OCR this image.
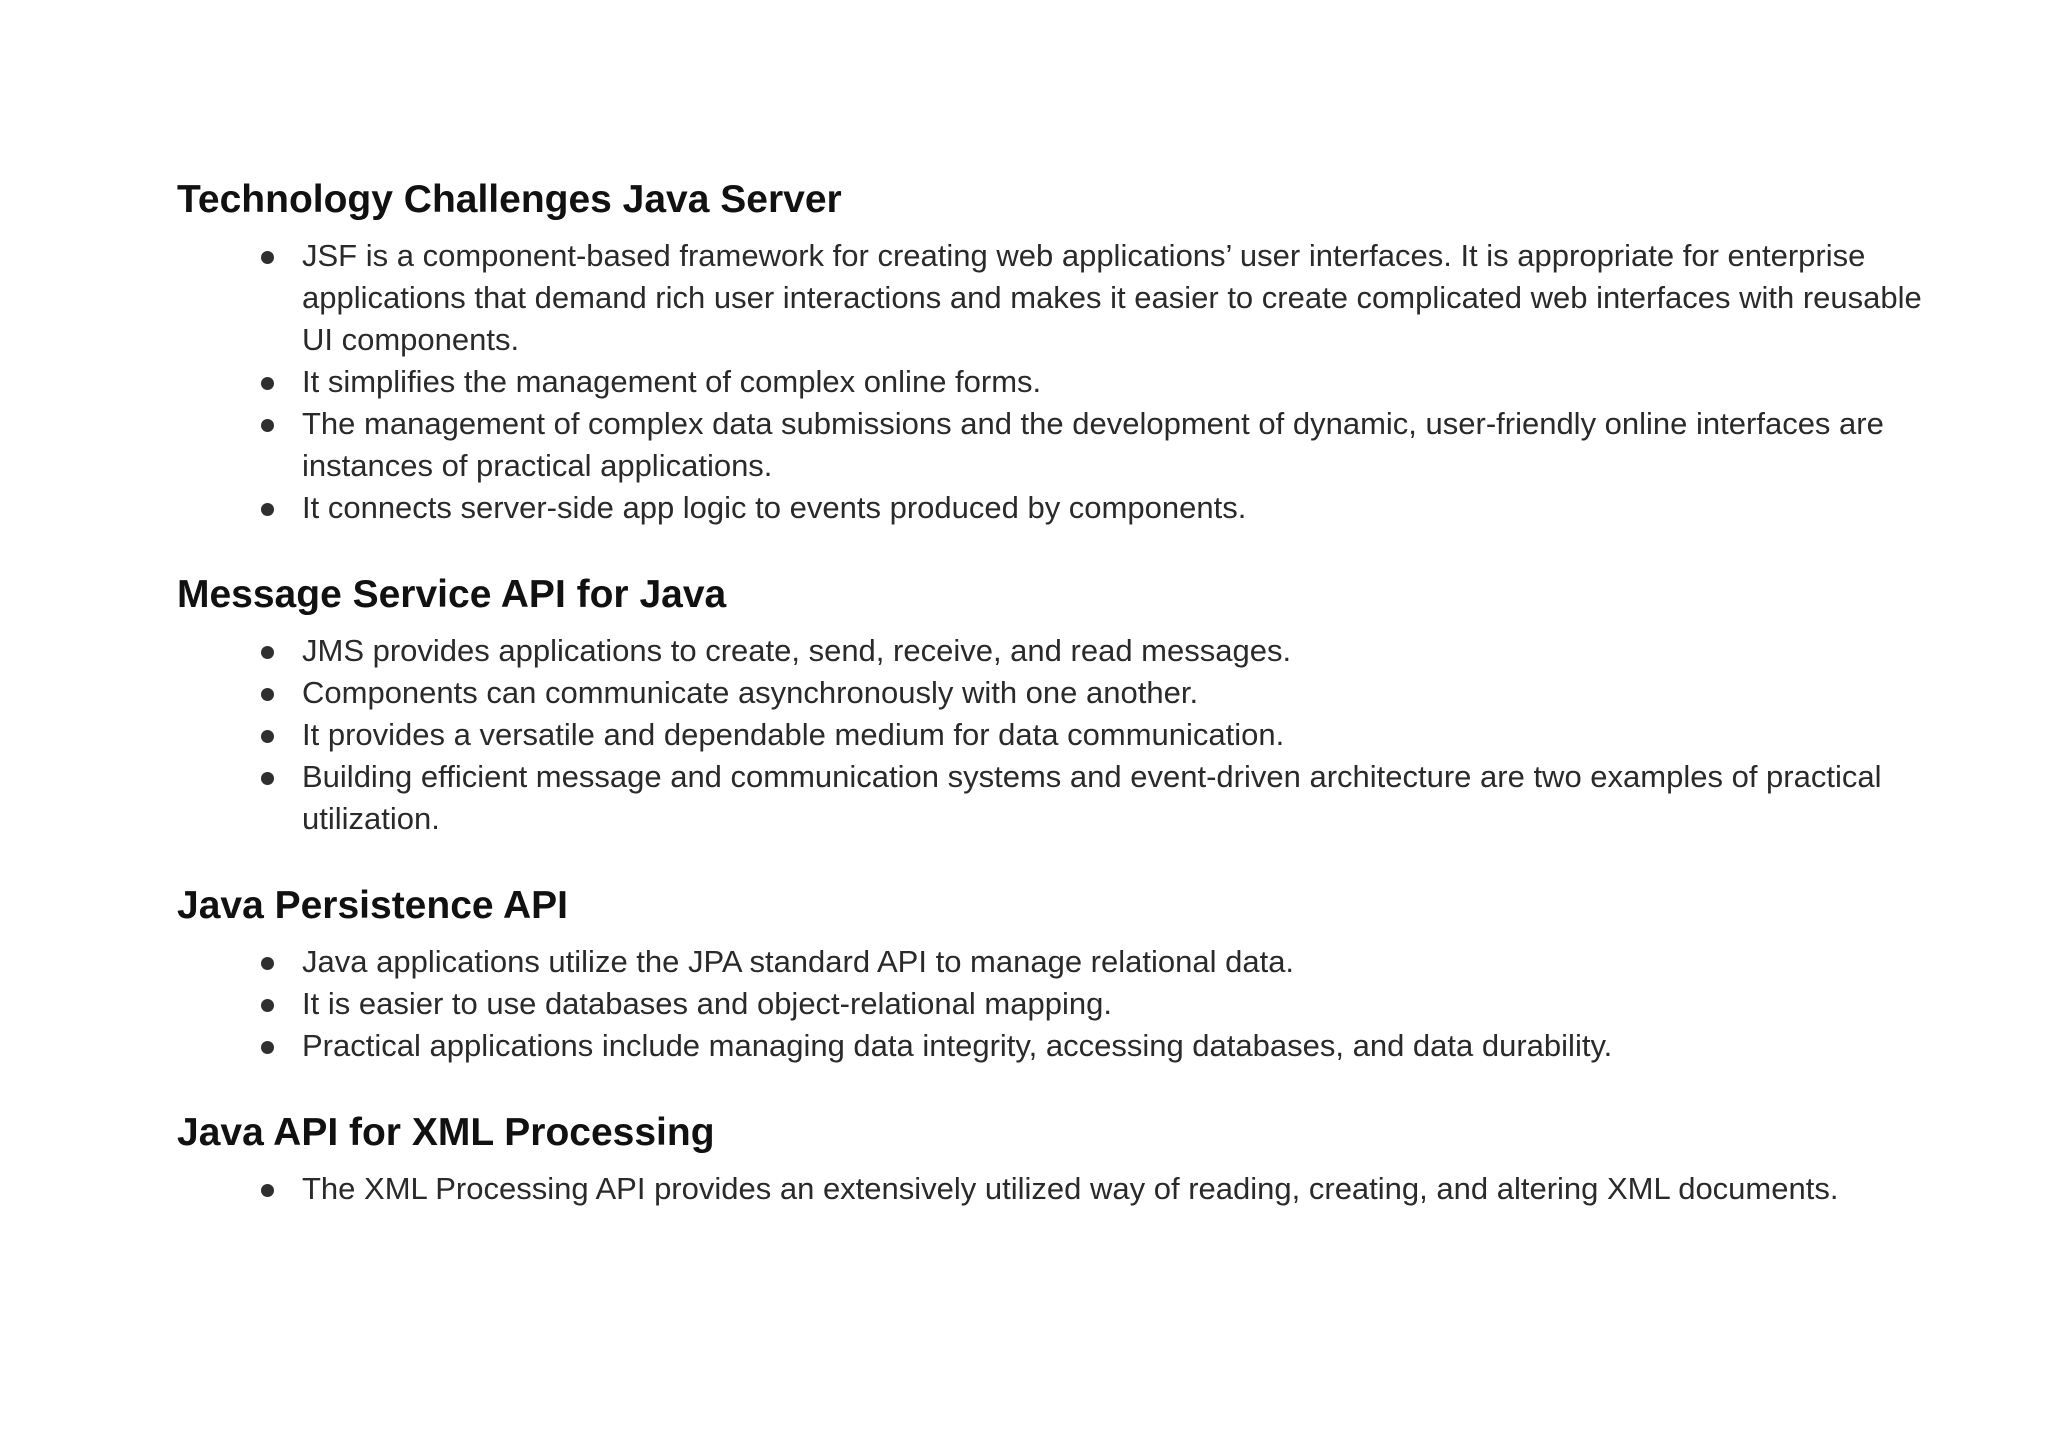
Technology Challenges Java Server
JSF is a component-based framework for creating web applications’ user interfaces. It is appropriate for enterprise applications that demand rich user interactions and makes it easier to create complicated web interfaces with reusable UI components.
It simplifies the management of complex online forms.
The management of complex data submissions and the development of dynamic, user-friendly online interfaces are instances of practical applications.
It connects server-side app logic to events produced by components.
Message Service API for Java
JMS provides applications to create, send, receive, and read messages.
Components can communicate asynchronously with one another.
It provides a versatile and dependable medium for data communication.
Building efficient message and communication systems and event-driven architecture are two examples of practical utilization.
Java Persistence API
Java applications utilize the JPA standard API to manage relational data.
It is easier to use databases and object-relational mapping.
Practical applications include managing data integrity, accessing databases, and data durability.
Java API for XML Processing
The XML Processing API provides an extensively utilized way of reading, creating, and altering XML documents.
